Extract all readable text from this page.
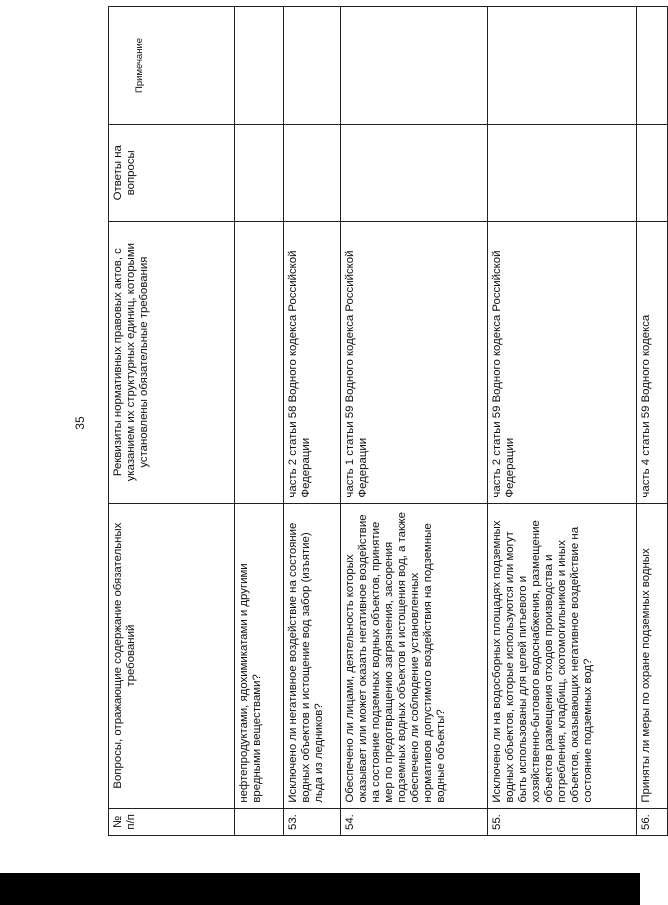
35
№ п/п	Вопросы, отражающие содержание обязательных требований	Реквизиты нормативных правовых актов, с указанием их структурных единиц, которыми установлены обязательные требования	Ответы на вопросы	Примечание
	нефтепродуктами, ядохимикатами и другими вредными веществами?			
53.	Исключено ли негативное воздействие на состояние водных объектов и истощение вод забор (изъятие) льда из ледников?	часть 2 статьи 58 Водного кодекса Российской Федерации		
54.	Обеспечено ли лицами, деятельность которых оказывает или может оказать негативное воздействие на состояние подземных водных объектов, принятие мер по предотвращению загрязнения, засорения подземных водных объектов и истощения вод, а также обеспечено ли соблюдение установленных нормативов допустимого воздействия на подземные водные объекты?	часть 1 статьи 59 Водного кодекса Российской Федерации		
55.	Исключено ли на водосборных площадях подземных водных объектов, которые используются или могут быть использованы для целей питьевого и хозяйственно-бытового водоснабжения, размещение объектов размещения отходов производства и потребления, кладбищ, скотомогильников и иных объектов, оказывающих негативное воздействие на состояние подземных вод?	часть 2 статьи 59 Водного кодекса Российской Федерации		
56.	Приняты ли меры по охране подземных водных	часть 4 статьи 59 Водного кодекса		
